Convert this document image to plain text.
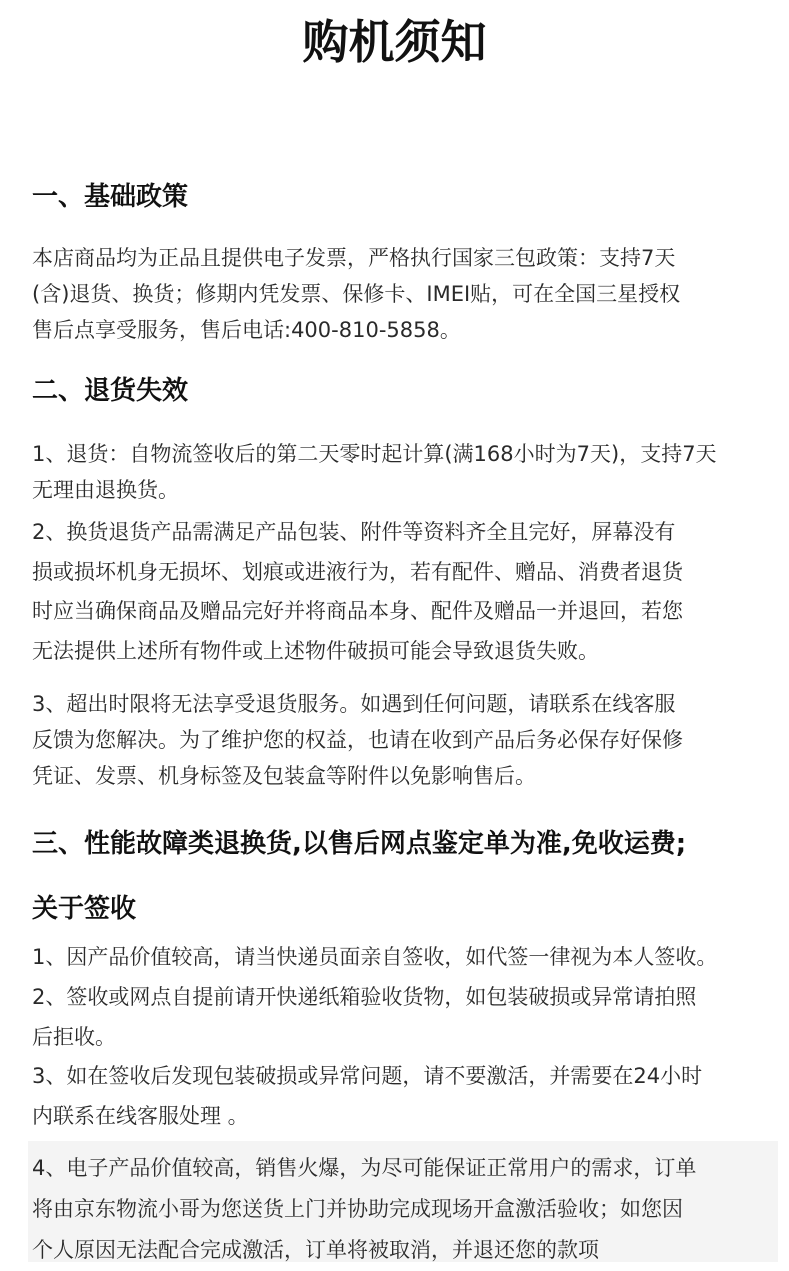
购机须知
一、基础政策
本店商品均为正品且提供电子发票，严格执行国家三包政策：支持7天
(含)退货、换货；修期内凭发票、保修卡、IMEI贴，可在全国三星授权
售后点享受服务，售后电话:400-810-5858。
二、退货失效
1、退货：自物流签收后的第二天零时起计算(满168小时为7天)，支持7天
无理由退换货。
2、换货退货产品需满足产品包装、附件等资料齐全且完好，屏幕没有
损或损坏机身无损坏、划痕或进液行为，若有配件、赠品、消费者退货
时应当确保商品及赠品完好并将商品本身、配件及赠品一并退回，若您
无法提供上述所有物件或上述物件破损可能会导致退货失败。
3、超出时限将无法享受退货服务。如遇到任何问题，请联系在线客服
反馈为您解决。为了维护您的权益，也请在收到产品后务必保存好保修
凭证、发票、机身标签及包装盒等附件以免影响售后。
三、性能故障类退换货,以售后网点鉴定单为准,免收运费;
关于签收
1、因产品价值较高，请当快递员面亲自签收，如代签一律视为本人签收。
2、签收或网点自提前请开快递纸箱验收货物，如包装破损或异常请拍照
后拒收。
3、如在签收后发现包装破损或异常问题，请不要激活，并需要在24小时
内联系在线客服处理 。
4、电子产品价值较高，销售火爆，为尽可能保证正常用户的需求，订单
将由京东物流小哥为您送货上门并协助完成现场开盒激活验收；如您因
个人原因无法配合完成激活，订单将被取消，并退还您的款项
